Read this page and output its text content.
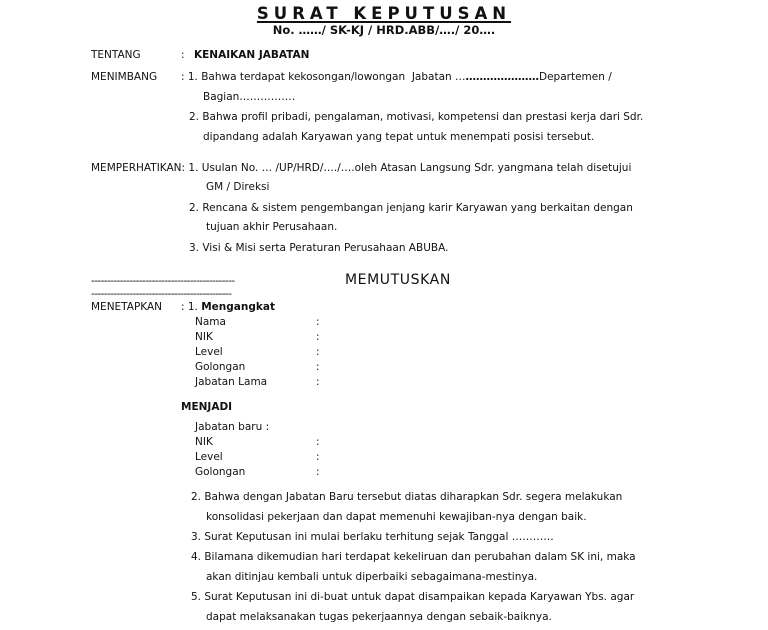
SURAT KEPUTUSAN
No. ……/ SK-KJ / HRD.ABB/…./ 20….
TENTANG	: KENAIKAN JABATAN
MENIMBANG : 1. Bahwa terdapat kekosongan/lowongan  Jabatan ……………………Departemen /
Bagian…………….
2. Bahwa profil pribadi, pengalaman, motivasi, kompetensi dan prestasi kerja dari Sdr.
dipandang adalah Karyawan yang tepat untuk menempati posisi tersebut.
MEMPERHATIKAN: 1. Usulan No. … /UP/HRD/…./….oleh Atasan Langsung Sdr. yangmana telah disetujui
GM / Direksi
2. Rencana & sistem pengembangan jenjang karir Karyawan yang berkaitan dengan
tujuan akhir Perusahaan.
3. Visi & Misi serta Peraturan Perusahaan ABUBA.
---------------------------------------------	MEMUTUSKAN
--------------------------------------------
MENETAPKAN : 1. Mengangkat
Nama	:
NIK	:
Level	:
Golongan	:
Jabatan Lama	:
MENJADI
Jabatan baru :
NIK	:
Level	:
Golongan	:
2. Bahwa dengan Jabatan Baru tersebut diatas diharapkan Sdr. segera melakukan
konsolidasi pekerjaan dan dapat memenuhi kewajiban-nya dengan baik.
3. Surat Keputusan ini mulai berlaku terhitung sejak Tanggal …………
4. Bilamana dikemudian hari terdapat kekeliruan dan perubahan dalam SK ini, maka
akan ditinjau kembali untuk diperbaiki sebagaimana-mestinya.
5. Surat Keputusan ini di-buat untuk dapat disampaikan kepada Karyawan Ybs. agar
dapat melaksanakan tugas pekerjaannya dengan sebaik-baiknya.
